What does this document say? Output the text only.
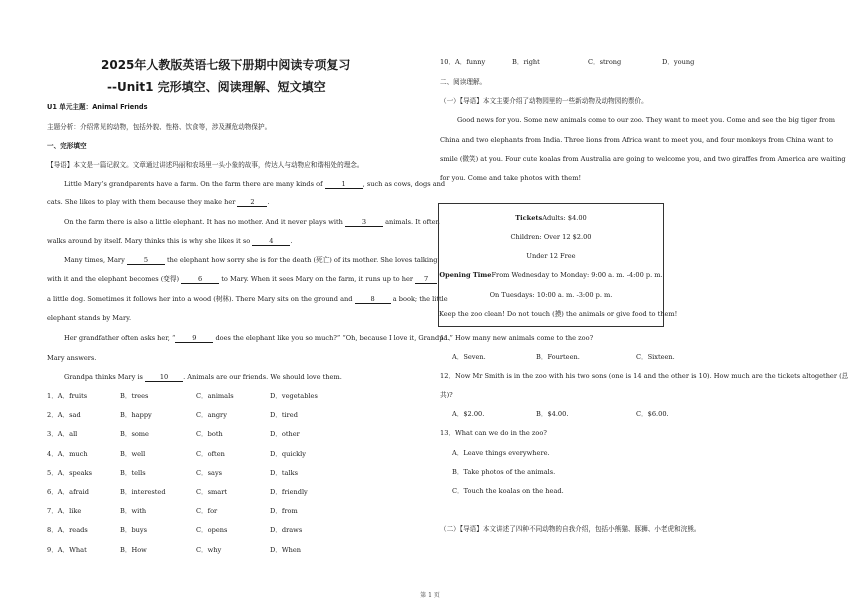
2025年人教版英语七级下册期中阅读专项复习
--Unit1 完形填空、阅读理解、短文填空
U1 单元主题：Animal Friends
主题分析：介绍常见的动物，包括外貌、性格、饮食等，涉及濒危动物保护。
一、完形填空
【导语】本文是一篇记叙文。文章通过讲述玛丽和农场里一头小象的故事，传达人与动物应和谐相处的理念。
Little Mary’s grandparents have a farm. On the farm there are many kinds of	1	, such as cows, dogs and
cats. She likes to play with them because they make her 2 .
On the farm there is also a little elephant. It has no mother. And it never plays with	3	animals. It often
walks around by itself. Mary thinks this is why she likes it so	4	.
Many times, Mary	5	the elephant how sorry she is for the death (死亡) of its mother. She loves talking
with it and the elephant becomes (变得)	6	to Mary. When it sees Mary on the farm, it runs up to her 7
a little dog. Sometimes it follows her into a wood (树林). There Mary sits on the ground and	8	a book; the little
elephant stands by Mary.
Her grandfather often asks her, “	9	does the elephant like you so much?” “Oh, because I love it, Grandpa.”
Mary answers.
Grandpa thinks Mary is	10 . Animals are our friends. We should love them.
1．A．fruits	B．trees	C．animals	D．vegetables
2．A．sad	B．happy	C．angry	D．tired
3．A．all	B．some	C．both	D．other
4．A．much	B．well	C．often	D．quickly
5．A．speaks	B．tells	C．says	D．talks
6．A．afraid	B．interested	C．smart	D．friendly
7．A．like	B．with	C．for	D．from
8．A．reads	B．buys	C．opens	D．draws
9．A．What	B．How	C．why	D．When
10．A．funny	B．right	C．strong	D．young
二、阅读理解。
（一）【导语】本文主要介绍了动物园里的一些新动物及动物园的票价。
Good news for you. Some new animals come to our zoo. They want to meet you. Come and see the big tiger from
China and two elephants from India. Three lions from Africa want to meet you, and four monkeys from China want to
smile (微笑) at you. Four cute koalas from Australia are going to welcome you, and two giraffes from America are waiting
for you. Come and take photos with them!
TicketsAdults: $4.00
Children: Over 12 $2.00
Under 12 Free
Opening TimeFrom Wednesday to Monday: 9:00 a. m. -4:00 p. m.
On Tuesdays: 10:00 a. m. -3:00 p. m.
Keep the zoo clean! Do not touch (摸) the animals or give food to them!
11．How many new animals come to the zoo?
A．Seven.	B．Fourteen.	C．Sixteen.
12．Now Mr Smith is in the zoo with his two sons (one is 14 and the other is 10). How much are the tickets altogether (总
共)?
A．$2.00.	B．$4.00.	C．$6.00.
13．What can we do in the zoo?
A．Leave things everywhere.
B．Take photos of the animals.
C．Touch the koalas on the head.
（二）【导语】本文讲述了四种不同动物的自我介绍，包括小熊猫、豚狮、小老虎和浣熊。
第 1 页
